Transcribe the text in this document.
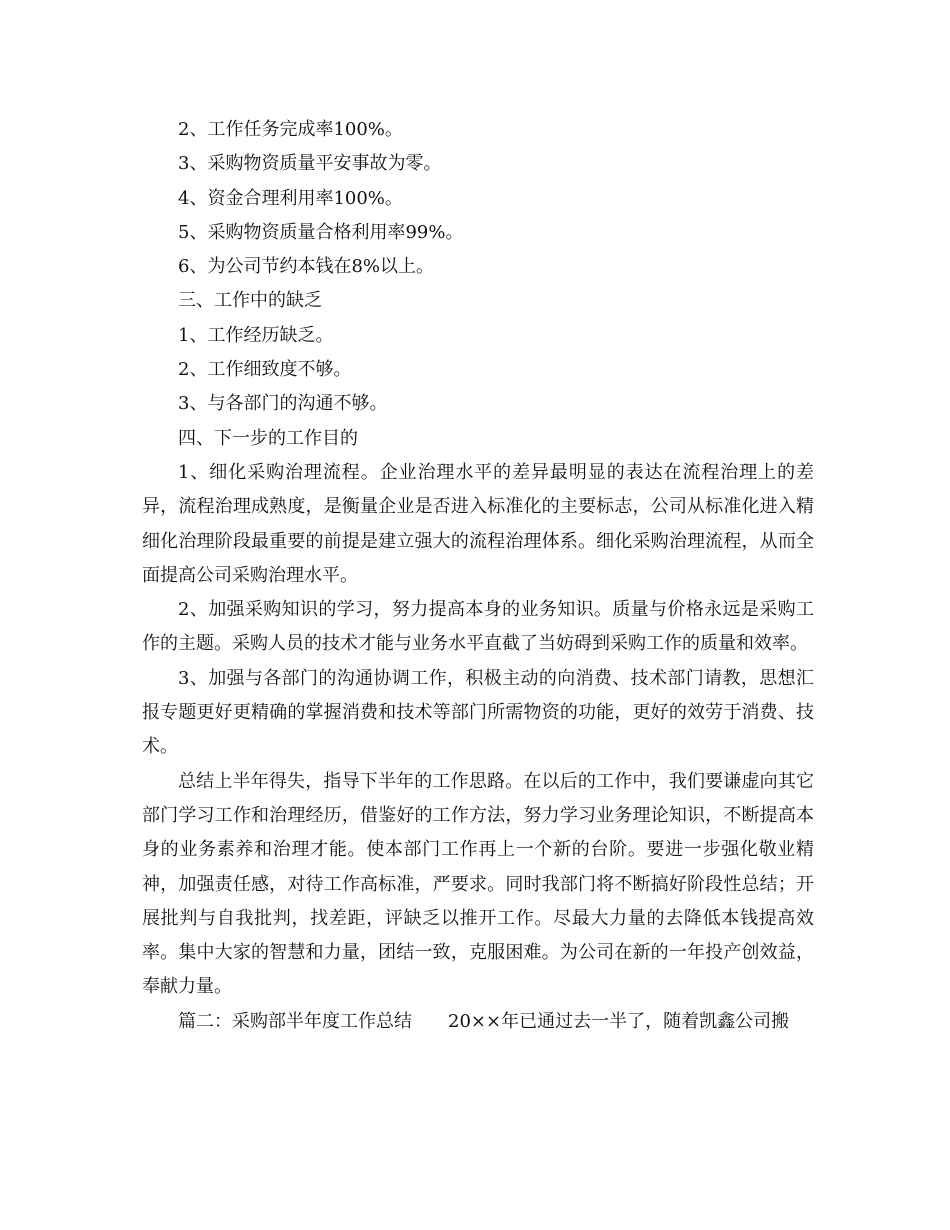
2、工作任务完成率100%。

3、采购物资质量平安事故为零。

4、资金合理利用率100%。

5、采购物资质量合格利用率99%。

6、为公司节约本钱在8%以上。

三、工作中的缺乏

1、工作经历缺乏。

2、工作细致度不够。

3、与各部门的沟通不够。

四、下一步的工作目的

1、细化采购治理流程。企业治理水平的差异最明显的表达在流程治理上的差异，流程治理成熟度，是衡量企业是否进入标准化的主要标志，公司从标准化进入精细化治理阶段最重要的前提是建立强大的流程治理体系。细化采购治理流程，从而全面提高公司采购治理水平。

2、加强采购知识的学习，努力提高本身的业务知识。质量与价格永远是采购工作的主题。采购人员的技术才能与业务水平直截了当妨碍到采购工作的质量和效率。

3、加强与各部门的沟通协调工作，积极主动的向消费、技术部门请教，思想汇报专题更好更精确的掌握消费和技术等部门所需物资的功能，更好的效劳于消费、技术。

总结上半年得失，指导下半年的工作思路。在以后的工作中，我们要谦虚向其它部门学习工作和治理经历，借鉴好的工作方法，努力学习业务理论知识，不断提高本身的业务素养和治理才能。使本部门工作再上一个新的台阶。要进一步强化敬业精神，加强责任感，对待工作高标准，严要求。同时我部门将不断搞好阶段性总结；开展批判与自我批判，找差距，评缺乏以推开工作。尽最大力量的去降低本钱提高效率。集中大家的智慧和力量，团结一致，克服困难。为公司在新的一年投产创效益，奉献力量。

篇二：采购部半年度工作总结　　20××年已通过去一半了，随着凯鑫公司搬
